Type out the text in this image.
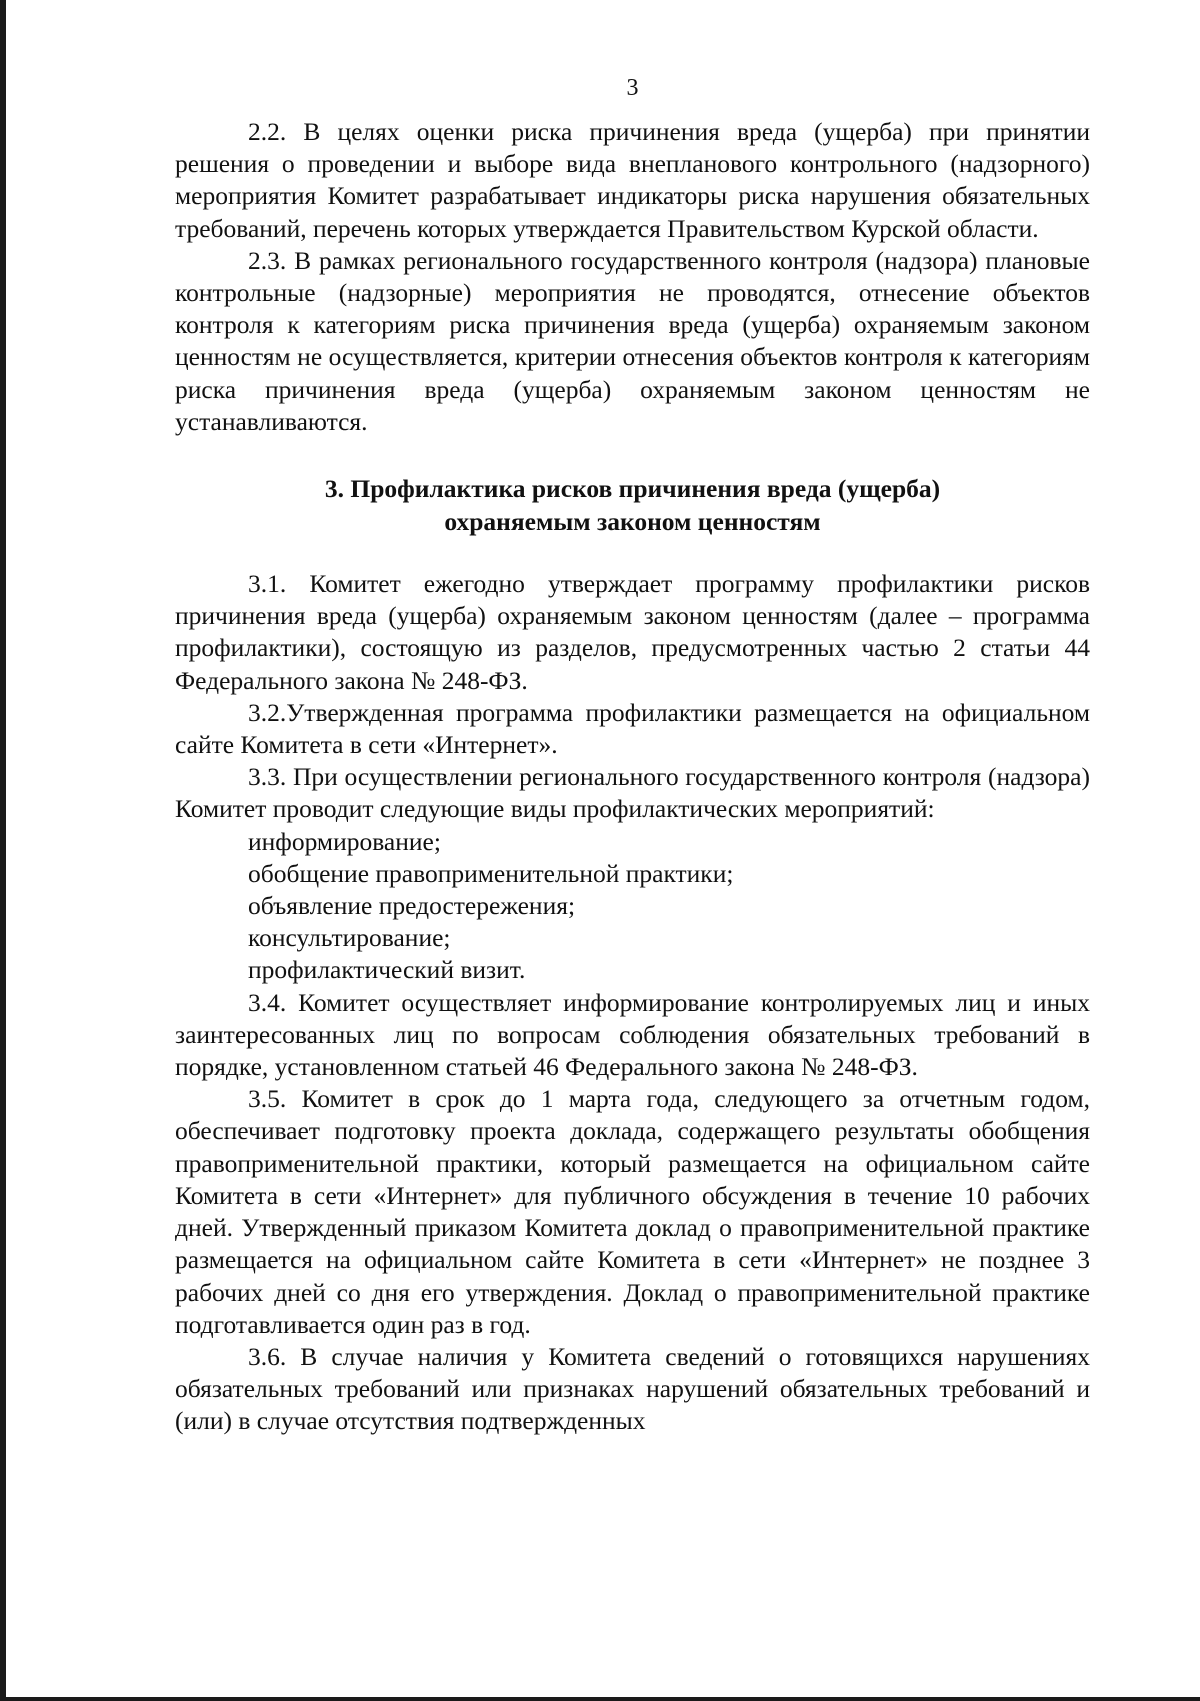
3

2.2. В целях оценки риска причинения вреда (ущерба) при принятии решения о проведении и выборе вида внепланового контрольного (надзорного) мероприятия Комитет разрабатывает индикаторы риска нарушения обязательных требований, перечень которых утверждается Правительством Курской области.

2.3. В рамках регионального государственного контроля (надзора) плановые контрольные (надзорные) мероприятия не проводятся, отнесение объектов контроля к категориям риска причинения вреда (ущерба) охраняемым законом ценностям не осуществляется, критерии отнесения объектов контроля к категориям риска причинения вреда (ущерба) охраняемым законом ценностям не устанавливаются.

3. Профилактика рисков причинения вреда (ущерба)
охраняемым законом ценностям

3.1. Комитет ежегодно утверждает программу профилактики рисков причинения вреда (ущерба) охраняемым законом ценностям (далее – программа профилактики), состоящую из разделов, предусмотренных частью 2 статьи 44 Федерального закона № 248-ФЗ.

3.2.Утвержденная программа профилактики размещается на официальном сайте Комитета в сети «Интернет».

3.3. При осуществлении регионального государственного контроля (надзора) Комитет проводит следующие виды профилактических мероприятий:

информирование;

обобщение правоприменительной практики;

объявление предостережения;

консультирование;

профилактический визит.

3.4. Комитет осуществляет информирование контролируемых лиц и иных заинтересованных лиц по вопросам соблюдения обязательных требований в порядке, установленном статьей 46 Федерального закона № 248-ФЗ.

3.5. Комитет в срок до 1 марта года, следующего за отчетным годом, обеспечивает подготовку проекта доклада, содержащего результаты обобщения правоприменительной практики, который размещается на официальном сайте Комитета в сети «Интернет» для публичного обсуждения в течение 10 рабочих дней. Утвержденный приказом Комитета доклад о правоприменительной практике размещается на официальном сайте Комитета в сети «Интернет» не позднее 3 рабочих дней со дня его утверждения. Доклад о правоприменительной практике подготавливается один раз в год.

3.6. В случае наличия у Комитета сведений о готовящихся нарушениях обязательных требований или признаках нарушений обязательных требований и (или) в случае отсутствия подтвержденных
